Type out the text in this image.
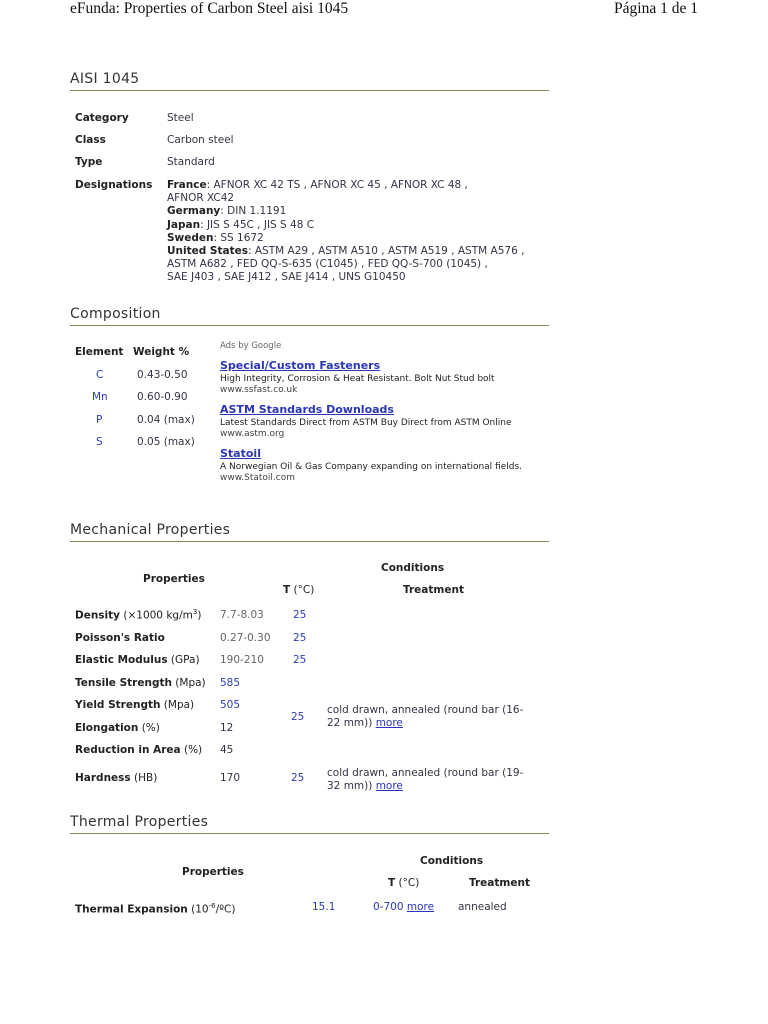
eFunda: Properties of Carbon Steel aisi 1045	Página 1 de 1
AISI 1045
Category	Steel
Class	Carbon steel
Type	Standard
Designations France: AFNOR XC 42 TS , AFNOR XC 45 , AFNOR XC 48 ,
AFNOR XC42
Germany: DIN 1.1191
Japan: JIS S 45C , JIS S 48 C
Sweden: SS 1672
United States: ASTM A29 , ASTM A510 , ASTM A519 , ASTM A576 ,
ASTM A682 , FED QQ-S-635 (C1045) , FED QQ-S-700 (1045) ,
SAE J403 , SAE J412 , SAE J414 , UNS G10450
Composition
Element Weight %
C	0.43-0.50
Mn	0.60-0.90
P	0.04 (max)
S	0.05 (max)
Ads by Google
Special/Custom Fasteners
High Integrity, Corrosion & Heat Resistant. Bolt Nut Stud bolt
www.ssfast.co.uk
ASTM Standards Downloads
Latest Standards Direct from ASTM Buy Direct from ASTM Online
www.astm.org
Statoil
A Norwegian Oil & Gas Company expanding on international fields.
www.Statoil.com
Mechanical Properties
Conditions
Properties
T (°C)	Treatment
Density (×1000 $kg/m^3$) 7.7-8.03	25
Poisson's Ratio	0.27-0.30 25
Elastic Modulus (GPa) 190-210	25
Tensile Strength (Mpa) 585
Yield Strength (Mpa) 505
25
cold drawn, annealed (round bar (16-
22 mm)) more
Elongation (%)	12
Reduction in Area (%) 45
Hardness (HB)	170	25 cold drawn, annealed (round bar (19-
32 mm)) more
Thermal Properties
Conditions
Properties
T (°C)	Treatment
Thermal Expansion $(10^{-6}/ºC)$	15.1	0-700 more annealed
